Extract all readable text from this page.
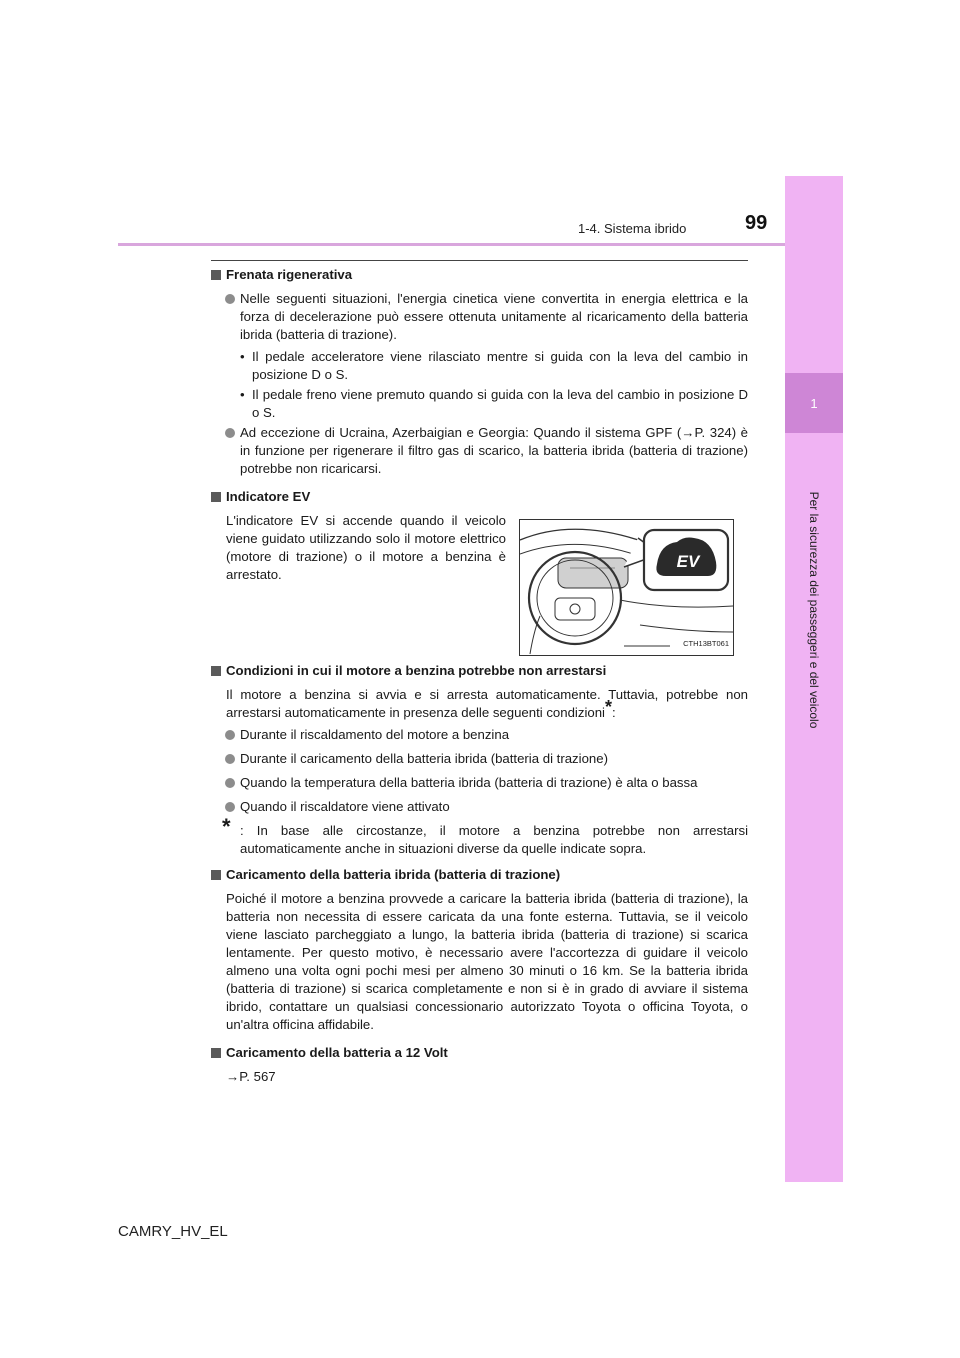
1
Per la sicurezza dei passeggeri e del veicolo
1-4. Sistema ibrido	99
Frenata rigenerativa
Nelle seguenti situazioni, l'energia cinetica viene convertita in energia elettrica e la forza di decelerazione può essere ottenuta unitamente al ricaricamento della batteria ibrida (batteria di trazione).
• Il pedale acceleratore viene rilasciato mentre si guida con la leva del cambio in posizione D o S.
• Il pedale freno viene premuto quando si guida con la leva del cambio in posizione D o S.
Ad eccezione di Ucraina, Azerbaigian e Georgia: Quando il sistema GPF (→P. 324) è in funzione per rigenerare il filtro gas di scarico, la batteria ibrida (batteria di trazione) potrebbe non ricaricarsi.
Indicatore EV
L'indicatore EV si accende quando il veicolo viene guidato utilizzando solo il motore elettrico (motore di trazione) o il motore a benzina è arrestato.
EV
CTH13BT061
Condizioni in cui il motore a benzina potrebbe non arrestarsi
Il motore a benzina si avvia e si arresta automaticamente. Tuttavia, potrebbe non arrestarsi automaticamente in presenza delle seguenti condizioni*:
Durante il riscaldamento del motore a benzina
Durante il caricamento della batteria ibrida (batteria di trazione)
Quando la temperatura della batteria ibrida (batteria di trazione) è alta o bassa
Quando il riscaldatore viene attivato
* : In base alle circostanze, il motore a benzina potrebbe non arrestarsi automaticamente anche in situazioni diverse da quelle indicate sopra.
Caricamento della batteria ibrida (batteria di trazione)
Poiché il motore a benzina provvede a caricare la batteria ibrida (batteria di trazione), la batteria non necessita di essere caricata da una fonte esterna. Tuttavia, se il veicolo viene lasciato parcheggiato a lungo, la batteria ibrida (batteria di trazione) si scarica lentamente. Per questo motivo, è necessario avere l'accortezza di guidare il veicolo almeno una volta ogni pochi mesi per almeno 30 minuti o 16 km. Se la batteria ibrida (batteria di trazione) si scarica completamente e non si è in grado di avviare il sistema ibrido, contattare un qualsiasi concessionario autorizzato Toyota o officina Toyota, o un'altra officina affidabile.
Caricamento della batteria a 12 Volt
→P. 567
CAMRY_HV_EL
